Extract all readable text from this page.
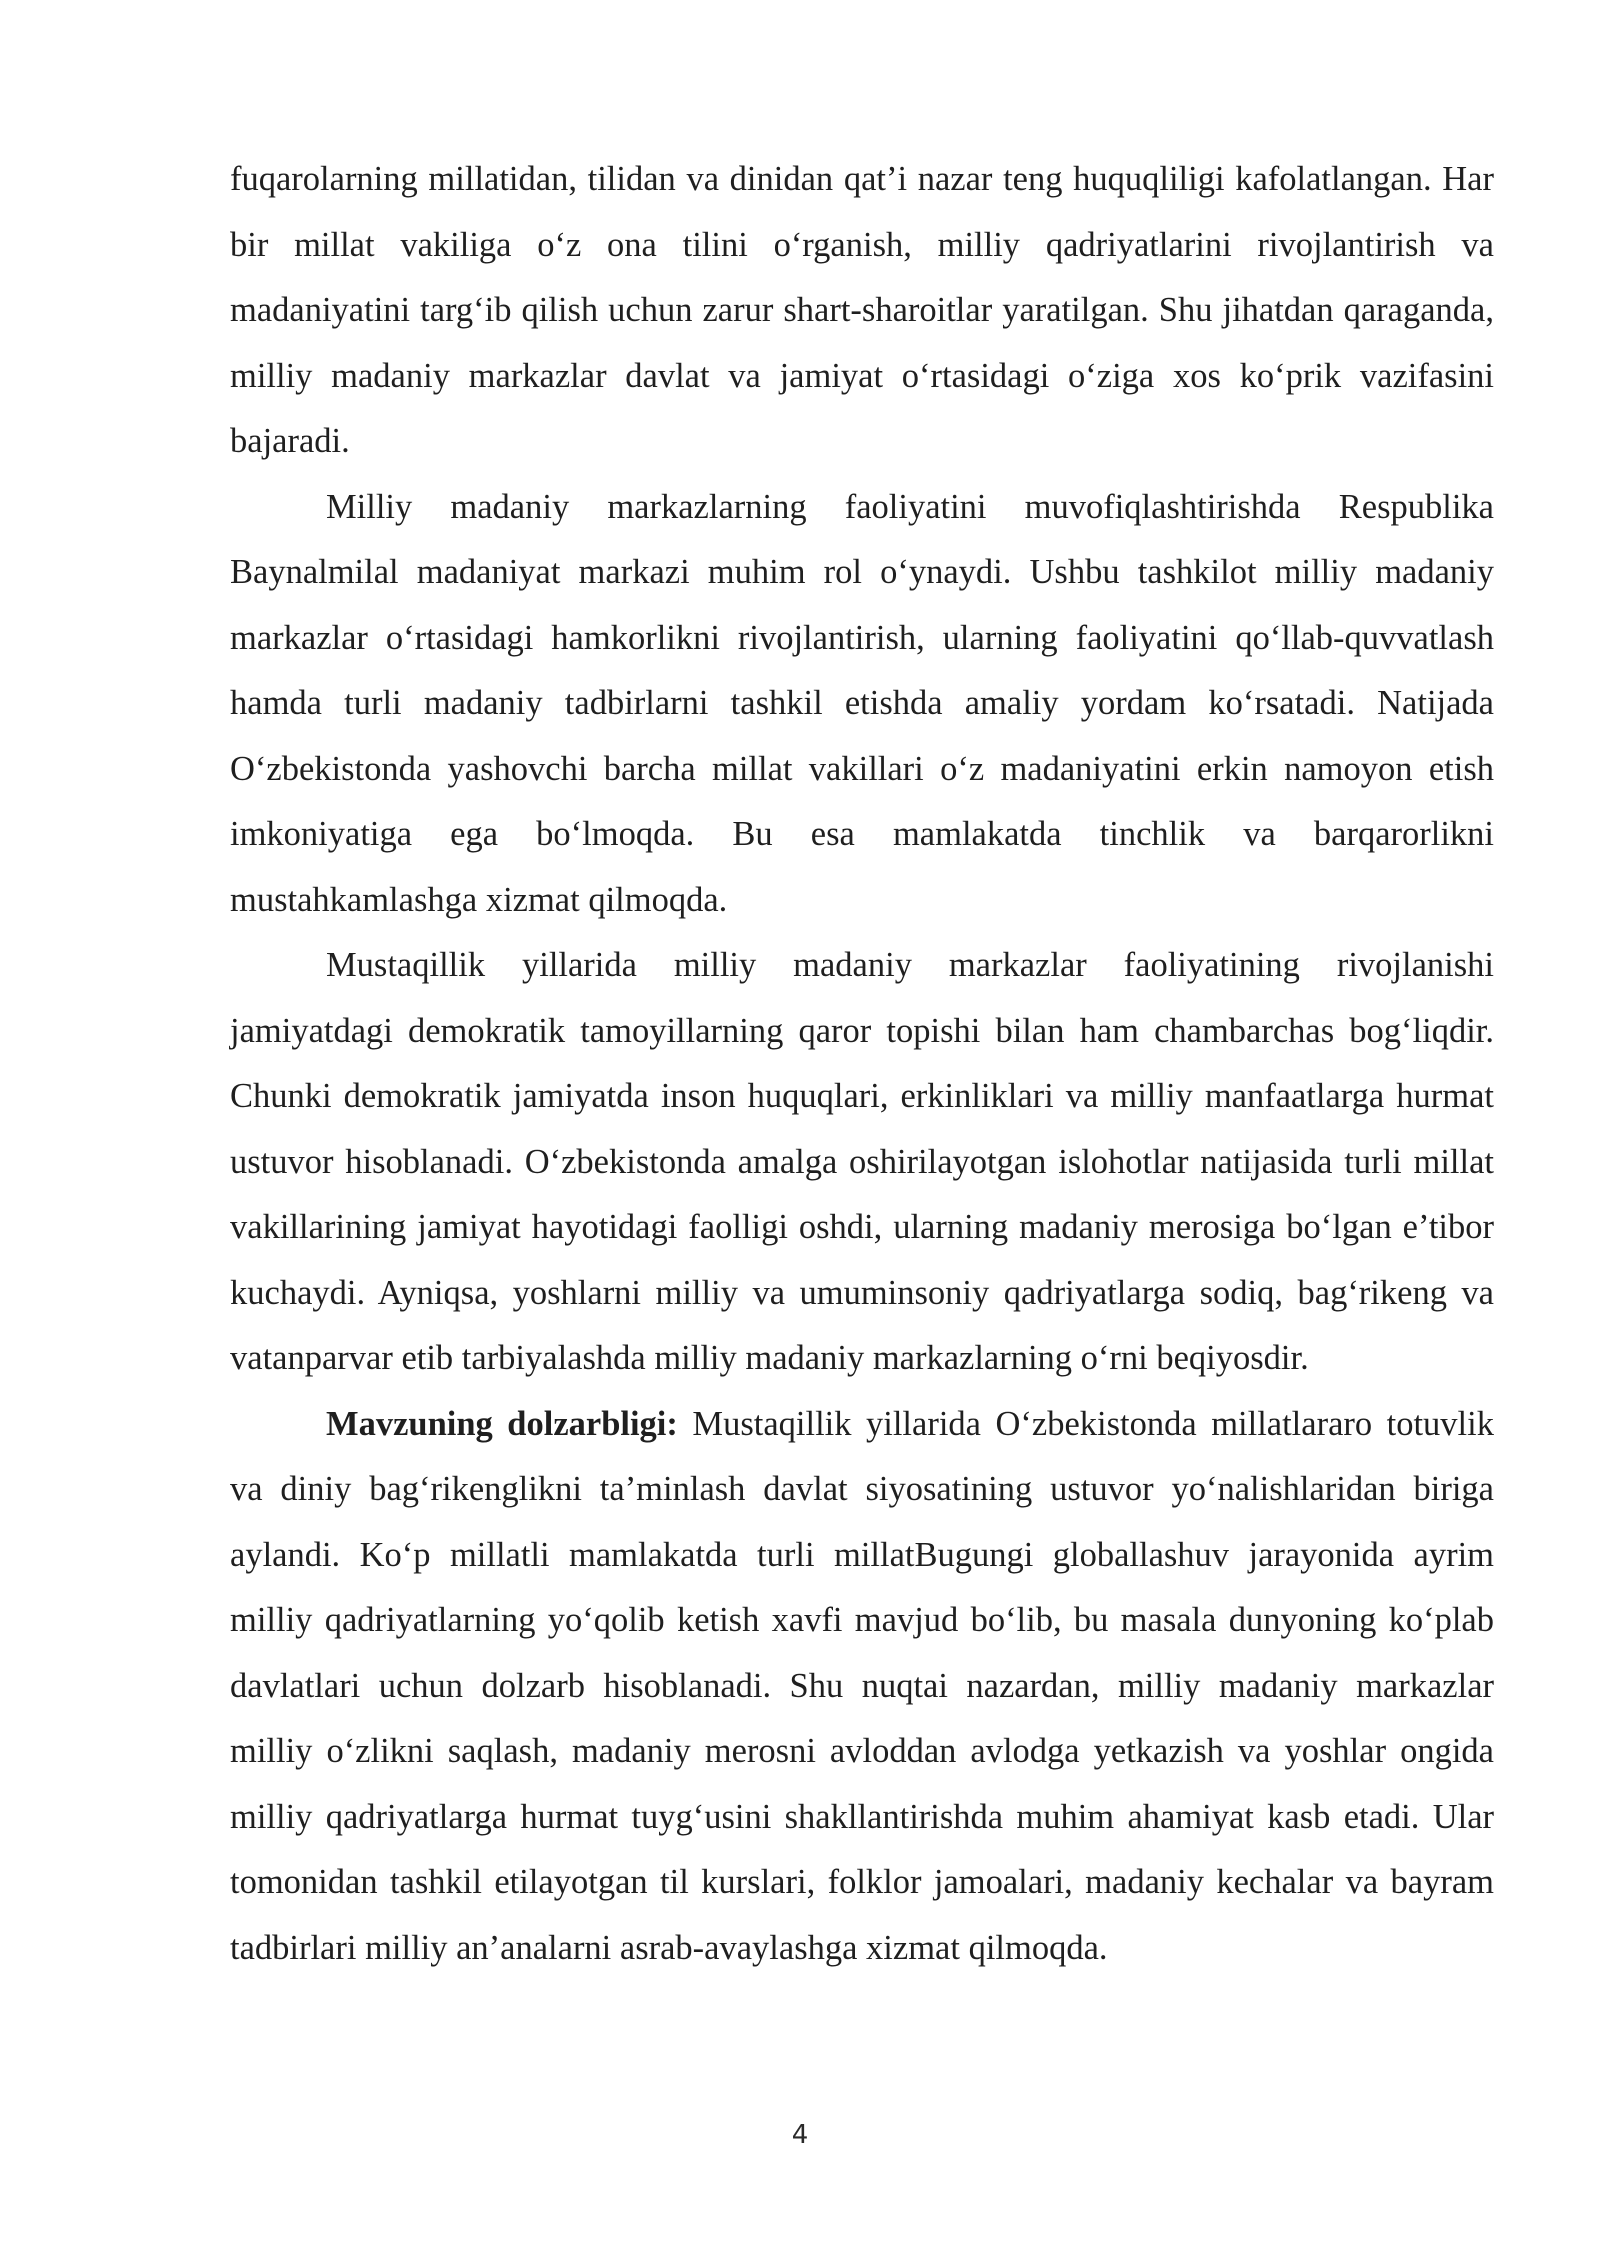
fuqarolarning millatidan, tilidan va dinidan qat’i nazar teng huquqliligi kafolatlangan. Har bir millat vakiliga o‘z ona tilini o‘rganish, milliy qadriyatlarini rivojlantirish va madaniyatini targ‘ib qilish uchun zarur shart-sharoitlar yaratilgan. Shu jihatdan qaraganda, milliy madaniy markazlar davlat va jamiyat o‘rtasidagi o‘ziga xos ko‘prik vazifasini bajaradi.

Milliy madaniy markazlarning faoliyatini muvofiqlashtirishda Respublika Baynalmilal madaniyat markazi muhim rol o‘ynaydi. Ushbu tashkilot milliy madaniy markazlar o‘rtasidagi hamkorlikni rivojlantirish, ularning faoliyatini qo‘llab-quvvatlash hamda turli madaniy tadbirlarni tashkil etishda amaliy yordam ko‘rsatadi. Natijada O‘zbekistonda yashovchi barcha millat vakillari o‘z madaniyatini erkin namoyon etish imkoniyatiga ega bo‘lmoqda. Bu esa mamlakatda tinchlik va barqarorlikni mustahkamlashga xizmat qilmoqda.

Mustaqillik yillarida milliy madaniy markazlar faoliyatining rivojlanishi jamiyatdagi demokratik tamoyillarning qaror topishi bilan ham chambarchas bog‘liqdir. Chunki demokratik jamiyatda inson huquqlari, erkinliklari va milliy manfaatlarga hurmat ustuvor hisoblanadi. O‘zbekistonda amalga oshirilayotgan islohotlar natijasida turli millat vakillarining jamiyat hayotidagi faolligi oshdi, ularning madaniy merosiga bo‘lgan e’tibor kuchaydi. Ayniqsa, yoshlarni milliy va umuminsoniy qadriyatlarga sodiq, bag‘rikeng va vatanparvar etib tarbiyalashda milliy madaniy markazlarning o‘rni beqiyosdir.

Mavzuning dolzarbligi: Mustaqillik yillarida O‘zbekistonda millatlararo totuvlik va diniy bag‘rikenglikni ta’minlash davlat siyosatining ustuvor yo‘nalishlaridan biriga aylandi. Ko‘p millatli mamlakatda turli millatBugungi globallashuv jarayonida ayrim milliy qadriyatlarning yo‘qolib ketish xavfi mavjud bo‘lib, bu masala dunyoning ko‘plab davlatlari uchun dolzarb hisoblanadi. Shu nuqtai nazardan, milliy madaniy markazlar milliy o‘zlikni saqlash, madaniy merosni avloddan avlodga yetkazish va yoshlar ongida milliy qadriyatlarga hurmat tuyg‘usini shakllantirishda muhim ahamiyat kasb etadi. Ular tomonidan tashkil etilayotgan til kurslari, folklor jamoalari, madaniy kechalar va bayram tadbirlari milliy an’analarni asrab-avaylashga xizmat qilmoqda.

4
